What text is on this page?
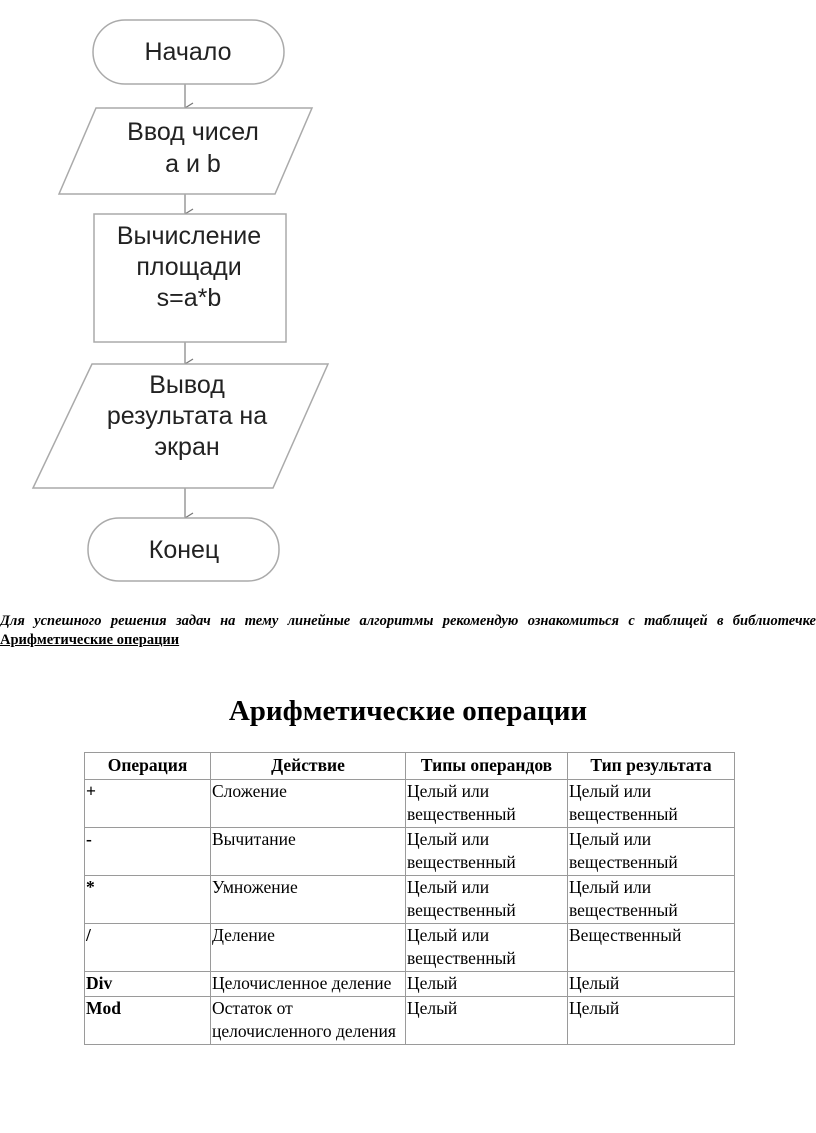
Начало
Ввод чисел
а и b
Вычисление
площади
s=a*b
Вывод
результата на
экран
Конец

Для успешного решения задач на тему линейные алгоритмы рекомендую ознакомиться с таблицей в библиотечке Арифметические операции

Арифметические операции
Операция	Действие	Типы операндов	Тип результата
+	Сложение	Целый или вещественный	Целый или вещественный
-	Вычитание	Целый или вещественный	Целый или вещественный
*	Умножение	Целый или вещественный	Целый или вещественный
/	Деление	Целый или вещественный	Вещественный
Div	Целочисленное деление	Целый	Целый
Mod	Остаток от целочисленного деления	Целый	Целый
